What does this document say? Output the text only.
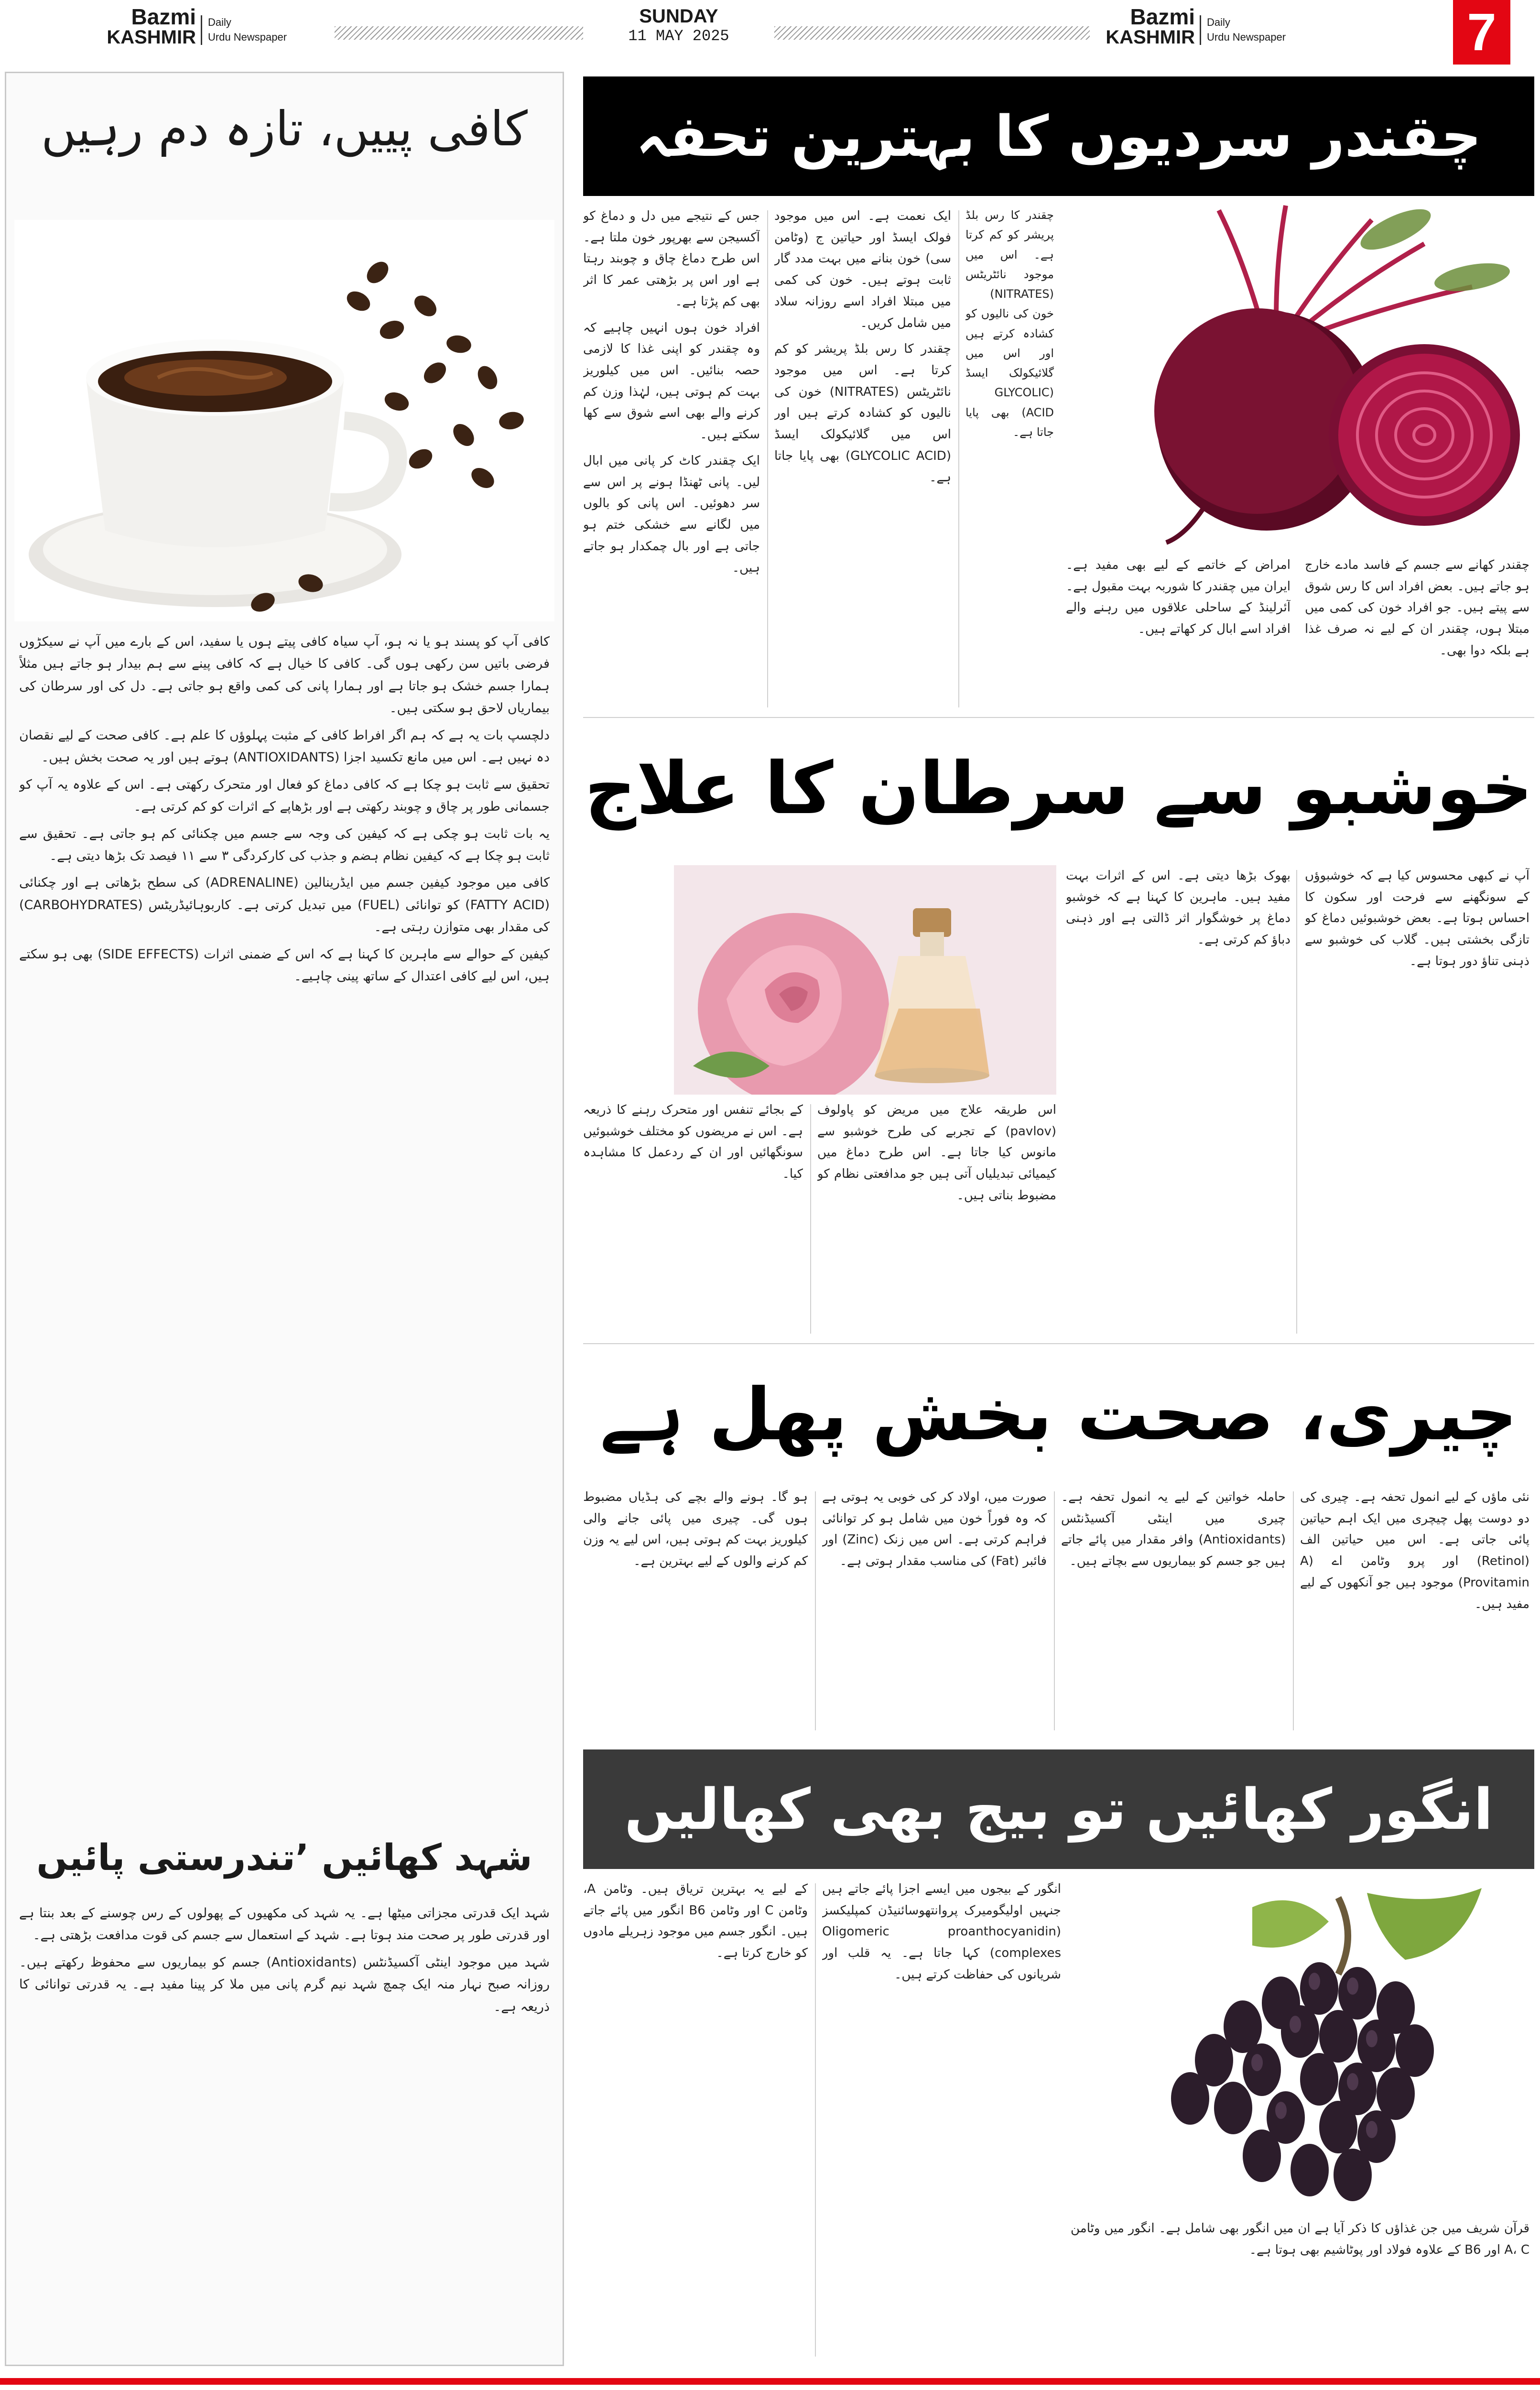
Bazmi
KASHMIR
Daily
Urdu Newspaper
SUNDAY
11 MAY 2025
Bazmi
KASHMIR
Daily
Urdu Newspaper	7
کافی پییں، تازہ دم رہیں

کافی آپ کو پسند ہو یا نہ ہو، آپ سیاہ کافی پیتے ہوں یا سفید، اس کے بارے میں آپ نے سیکڑوں فرضی باتیں سن رکھی ہوں گی۔ کافی کا خیال ہے کہ کافی پینے سے ہم بیدار ہو جاتے ہیں مثلاً ہمارا جسم خشک ہو جاتا ہے اور ہمارا پانی کی کمی واقع ہو جاتی ہے۔ دل کی اور سرطان کی بیماریاں لاحق ہو سکتی ہیں۔

دلچسپ بات یہ ہے کہ ہم اگر افراط کافی کے مثبت پہلوؤں کا علم ہے۔ کافی صحت کے لیے نقصان دہ نہیں ہے۔ اس میں مانع تکسید اجزا (ANTIOXIDANTS) ہوتے ہیں اور یہ صحت بخش ہیں۔

تحقیق سے ثابت ہو چکا ہے کہ کافی دماغ کو فعال اور متحرک رکھتی ہے۔ اس کے علاوہ یہ آپ کو جسمانی طور پر چاق و چوبند رکھتی ہے اور بڑھاپے کے اثرات کو کم کرتی ہے۔

یہ بات ثابت ہو چکی ہے کہ کیفین کی وجہ سے جسم میں چکنائی کم ہو جاتی ہے۔ تحقیق سے ثابت ہو چکا ہے کہ کیفین نظام ہضم و جذب کی کارکردگی ۳ سے ۱۱ فیصد تک بڑھا دیتی ہے۔

کافی میں موجود کیفین جسم میں ایڈرینالین (ADRENALINE) کی سطح بڑھاتی ہے اور چکنائی (FATTY ACID) کو توانائی (FUEL) میں تبدیل کرتی ہے۔ کاربوہائیڈریٹس (CARBOHYDRATES) کی مقدار بھی متوازن رہتی ہے۔

کیفین کے حوالے سے ماہرین کا کہنا ہے کہ اس کے ضمنی اثرات (SIDE EFFECTS) بھی ہو سکتے ہیں، اس لیے کافی اعتدال کے ساتھ پینی چاہیے۔

شہد کھائیں ’تندرستی پائیں

شہد ایک قدرتی مجزاتی میٹھا ہے۔ یہ شہد کی مکھیوں کے پھولوں کے رس چوسنے کے بعد بنتا ہے اور قدرتی طور پر صحت مند ہوتا ہے۔ شہد کے استعمال سے جسم کی قوت مدافعت بڑھتی ہے۔

شہد میں موجود اینٹی آکسیڈنٹس (Antioxidants) جسم کو بیماریوں سے محفوظ رکھتے ہیں۔ روزانہ صبح نہار منہ ایک چمچ شہد نیم گرم پانی میں ملا کر پینا مفید ہے۔ یہ قدرتی توانائی کا ذریعہ ہے۔

چقندر سردیوں کا بہترین تحفہ

جس کے نتیجے میں دل و دماغ کو آکسیجن سے بھرپور خون ملتا ہے۔ اس طرح دماغ چاق و چوبند رہتا ہے اور اس پر بڑھتی عمر کا اثر بھی کم پڑتا ہے۔

افراد خون ہوں انہیں چاہیے کہ وہ چقندر کو اپنی غذا کا لازمی حصہ بنائیں۔ اس میں کیلوریز بہت کم ہوتی ہیں، لہٰذا وزن کم کرنے والے بھی اسے شوق سے کھا سکتے ہیں۔

ایک چقندر کاٹ کر پانی میں ابال لیں۔ پانی ٹھنڈا ہونے پر اس سے سر دھوئیں۔ اس پانی کو بالوں میں لگانے سے خشکی ختم ہو جاتی ہے اور بال چمکدار ہو جاتے ہیں۔

ایک نعمت ہے۔ اس میں موجود فولک ایسڈ اور حیاتین ج (وٹامن سی) خون بنانے میں بہت مدد گار ثابت ہوتے ہیں۔ خون کی کمی میں مبتلا افراد اسے روزانہ سلاد میں شامل کریں۔

چقندر کا رس بلڈ پریشر کو کم کرتا ہے۔ اس میں موجود نائٹریٹس (NITRATES) خون کی نالیوں کو کشادہ کرتے ہیں اور اس میں گلائیکولک ایسڈ (GLYCOLIC ACID) بھی پایا جاتا ہے۔

چقندر کا رس بلڈ پریشر کو کم کرتا ہے۔ اس میں موجود نائٹریٹس (NITRATES) خون کی نالیوں کو کشادہ کرتے ہیں اور اس میں گلائیکولک ایسڈ (GLYCOLIC ACID) بھی پایا جاتا ہے۔

امراض کے خاتمے کے لیے بھی مفید ہے۔ ایران میں چقندر کا شوربہ بہت مقبول ہے۔ آئرلینڈ کے ساحلی علاقوں میں رہنے والے افراد اسے ابال کر کھاتے ہیں۔

چقندر کھانے سے جسم کے فاسد مادے خارج ہو جاتے ہیں۔ بعض افراد اس کا رس شوق سے پیتے ہیں۔ جو افراد خون کی کمی میں مبتلا ہوں، چقندر ان کے لیے نہ صرف غذا ہے بلکہ دوا بھی۔

خوشبو سے سرطان کا علاج

کے بجائے تنفس اور متحرک رہنے کا ذریعہ ہے۔ اس نے مریضوں کو مختلف خوشبوئیں سونگھائیں اور ان کے ردعمل کا مشاہدہ کیا۔

اس طریقہ علاج میں مریض کو پاولوف (pavlov) کے تجربے کی طرح خوشبو سے مانوس کیا جاتا ہے۔ اس طرح دماغ میں کیمیائی تبدیلیاں آتی ہیں جو مدافعتی نظام کو مضبوط بناتی ہیں۔

بھوک بڑھا دیتی ہے۔ اس کے اثرات بہت مفید ہیں۔ ماہرین کا کہنا ہے کہ خوشبو دماغ پر خوشگوار اثر ڈالتی ہے اور ذہنی دباؤ کم کرتی ہے۔

آپ نے کبھی محسوس کیا ہے کہ خوشبوؤں کے سونگھنے سے فرحت اور سکون کا احساس ہوتا ہے۔ بعض خوشبوئیں دماغ کو تازگی بخشتی ہیں۔ گلاب کی خوشبو سے ذہنی تناؤ دور ہوتا ہے۔

چیری، صحت بخش پھل ہے

ہو گا۔ ہونے والے بچے کی ہڈیاں مضبوط ہوں گی۔ چیری میں پائی جانے والی کیلوریز بہت کم ہوتی ہیں، اس لیے یہ وزن کم کرنے والوں کے لیے بہترین ہے۔

صورت میں، اولاد کر کی خوبی یہ ہوتی ہے کہ وہ فوراً خون میں شامل ہو کر توانائی فراہم کرتی ہے۔ اس میں زنک (Zinc) اور فائبر (Fat) کی مناسب مقدار ہوتی ہے۔

حاملہ خواتین کے لیے یہ انمول تحفہ ہے۔ چیری میں اینٹی آکسیڈنٹس (Antioxidants) وافر مقدار میں پائے جاتے ہیں جو جسم کو بیماریوں سے بچاتے ہیں۔

نئی ماؤں کے لیے انمول تحفہ ہے۔ چیری کی دو دوست پھل چیچری میں ایک اہم حیاتین پائی جاتی ہے۔ اس میں حیاتین الف (Retinol) اور پرو وٹامن اے (A Provitamin) موجود ہیں جو آنکھوں کے لیے مفید ہیں۔

انگور کھائیں تو بیج بھی کھالیں

کے لیے یہ بہترین تریاق ہیں۔ وٹامن A، وٹامن C اور وٹامن B6 انگور میں پائے جاتے ہیں۔ انگور جسم میں موجود زہریلے مادوں کو خارج کرتا ہے۔

انگور کے بیجوں میں ایسے اجزا پائے جاتے ہیں جنہیں اولیگومیرک پروانتھوسائنیڈن کمپلیکسز (Oligomeric proanthocyanidin complexes) کہا جاتا ہے۔ یہ قلب اور شریانوں کی حفاظت کرتے ہیں۔

قرآن شریف میں جن غذاؤں کا ذکر آیا ہے ان میں انگور بھی شامل ہے۔ انگور میں وٹامن A، C اور B6 کے علاوہ فولاد اور پوٹاشیم بھی ہوتا ہے۔
